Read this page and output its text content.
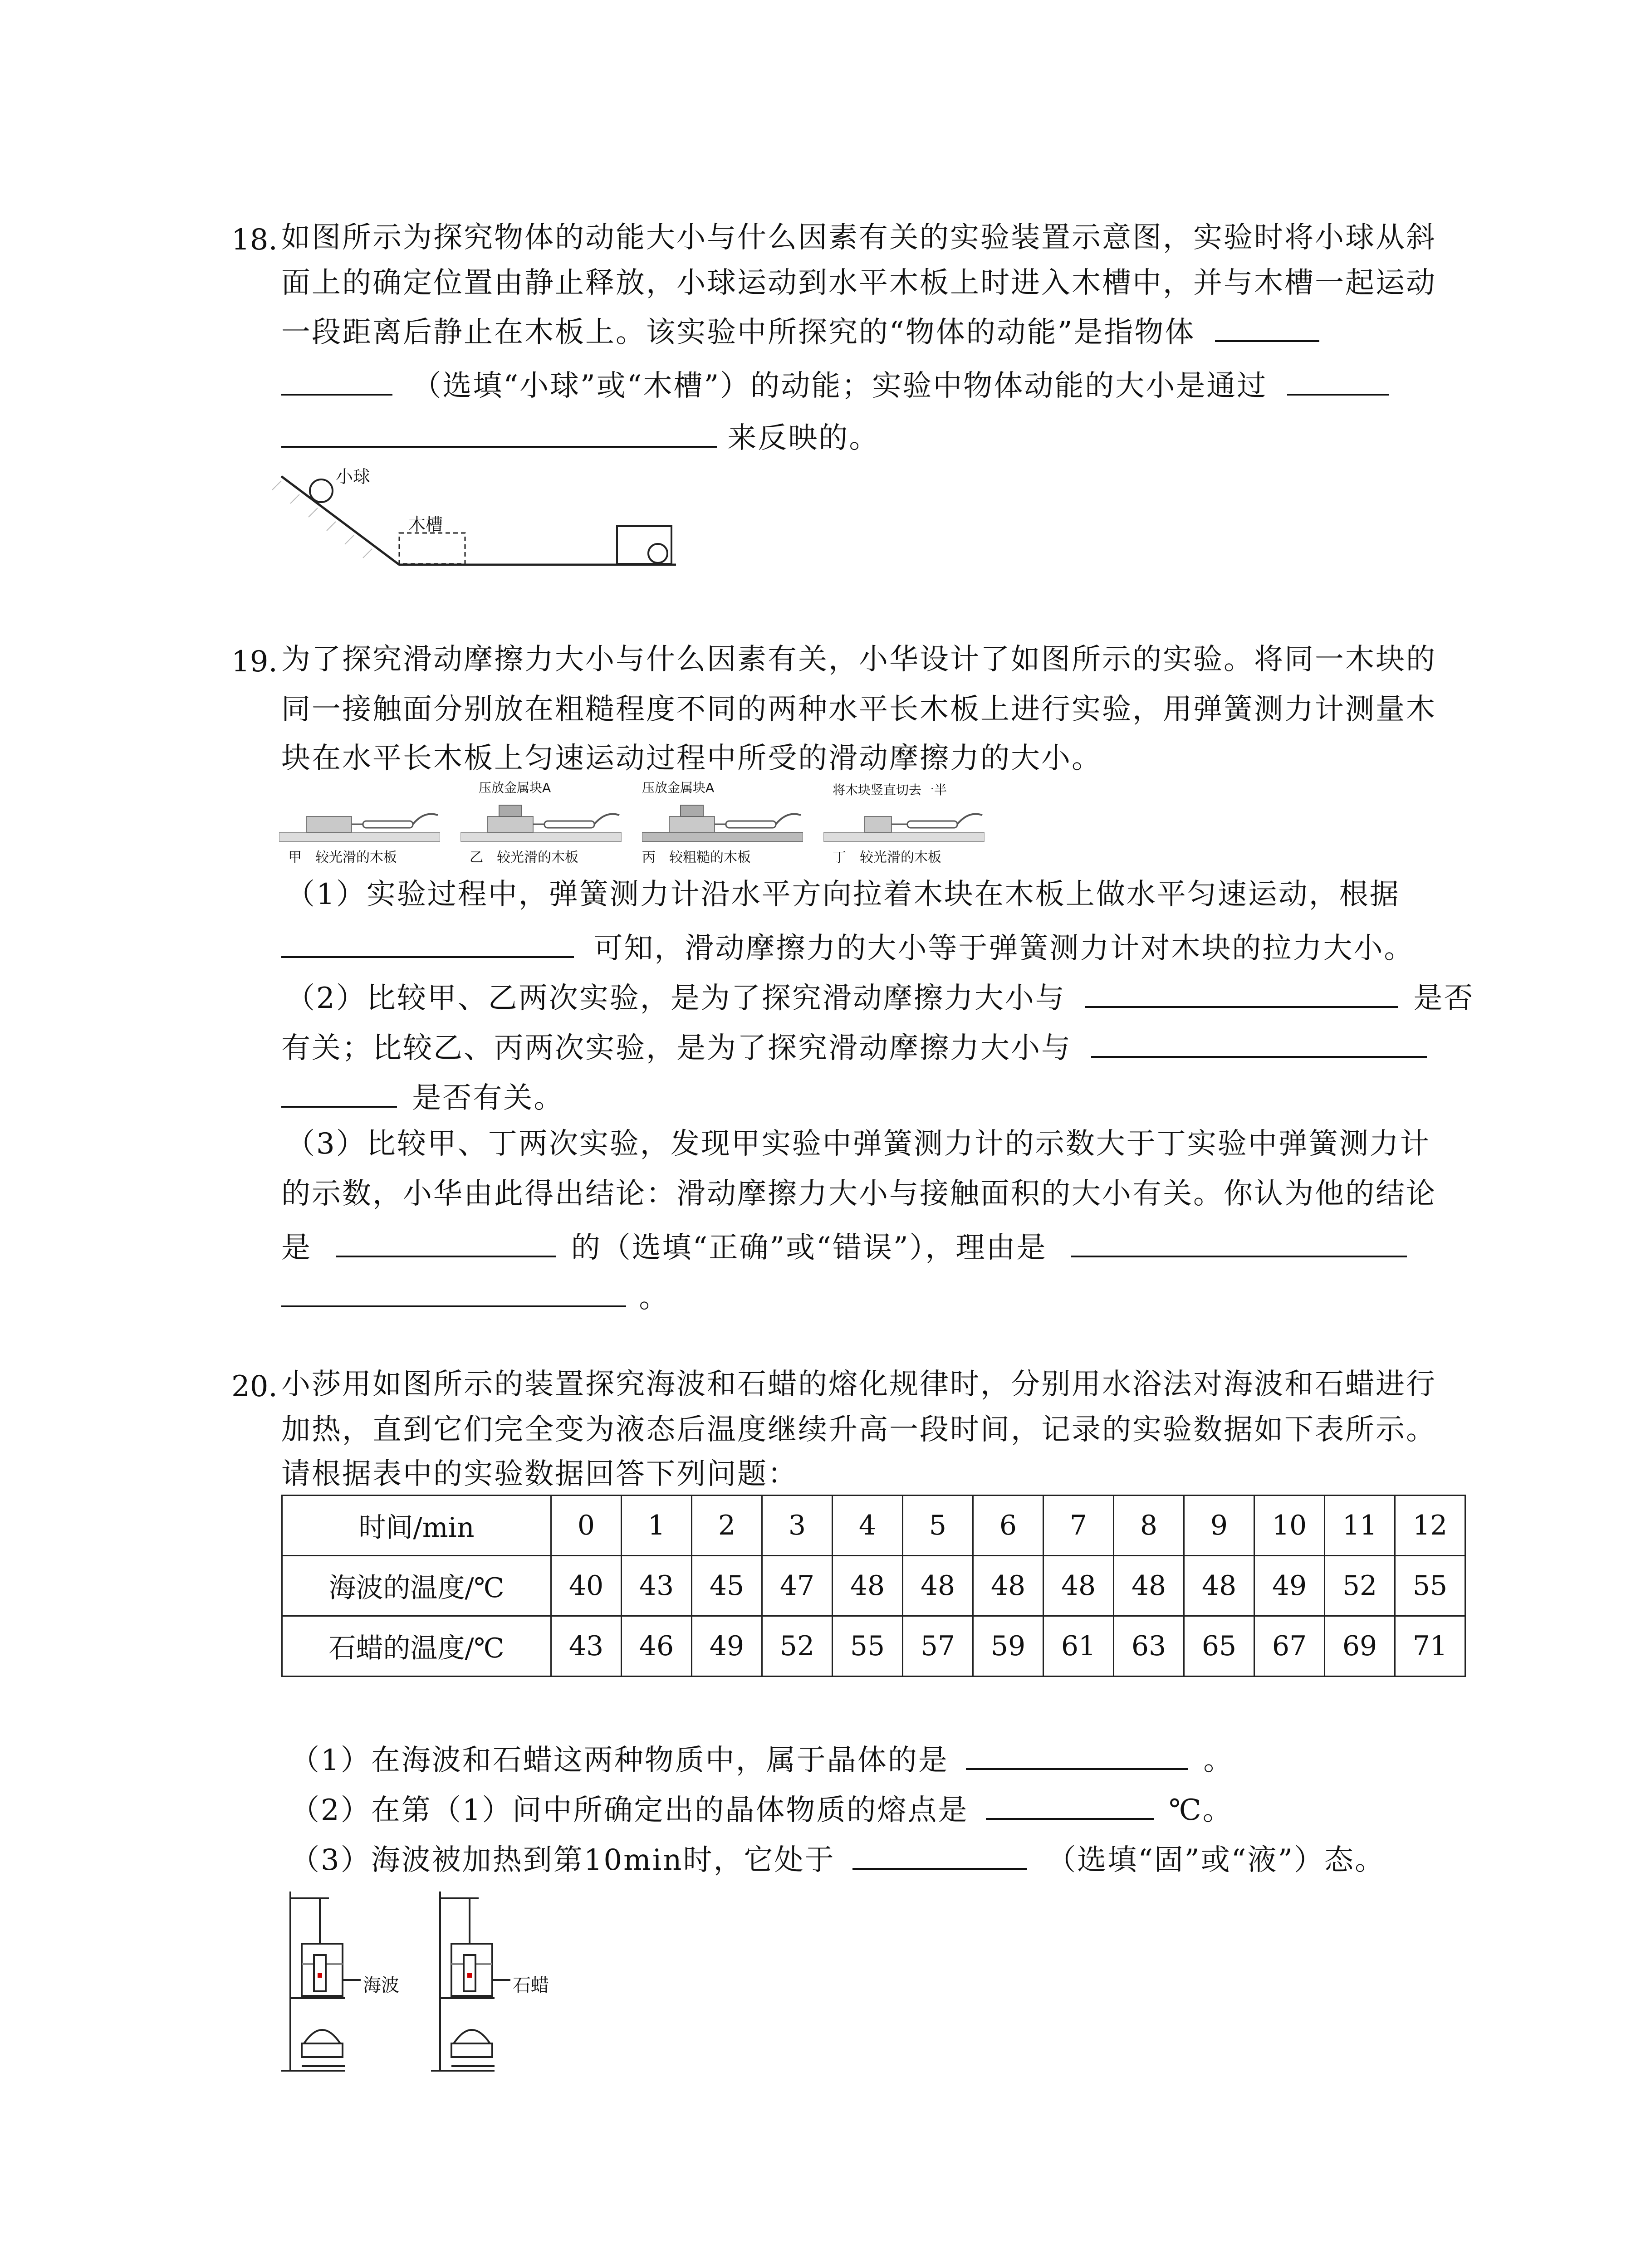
18. 如图所示为探究物体的动能大小与什么因素有关的实验装置示意图，实验时将小球从斜
面上的确定位置由静止释放，小球运动到水平木板上时进入木槽中，并与木槽一起运动
一段距离后静止在木板上。该实验中所探究的“物体的动能”是指物体
（选填“小球”或“木槽”）的动能；实验中物体动能的大小是通过
来反映的。
小球
木槽
19. 为了探究滑动摩擦力大小与什么因素有关，小华设计了如图所示的实验。将同一木块的
同一接触面分别放在粗糙程度不同的两种水平长木板上进行实验，用弹簧测力计测量木
块在水平长木板上匀速运动过程中所受的滑动摩擦力的大小。
甲　较光滑的木板
压放金属块A
乙　较光滑的木板
压放金属块A
丙　较粗糙的木板
将木块竖直切去一半
丁　较光滑的木板
（1）实验过程中，弹簧测力计沿水平方向拉着木块在木板上做水平匀速运动，根据
可知，滑动摩擦力的大小等于弹簧测力计对木块的拉力大小。
（2）比较甲、乙两次实验，是为了探究滑动摩擦力大小与	是否
有关；比较乙、丙两次实验，是为了探究滑动摩擦力大小与
是否有关。
（3）比较甲、丁两次实验，发现甲实验中弹簧测力计的示数大于丁实验中弹簧测力计
的示数，小华由此得出结论：滑动摩擦力大小与接触面积的大小有关。你认为他的结论
是	的（选填“正确”或“错误”），理由是
。
20. 小莎用如图所示的装置探究海波和石蜡的熔化规律时，分别用水浴法对海波和石蜡进行
加热，直到它们完全变为液态后温度继续升高一段时间，记录的实验数据如下表所示。
请根据表中的实验数据回答下列问题：
时间/min	0	1	2	3	4	5	6	7	8	9	10	11	12
海波的温度/℃	40	43	45	47	48	48	48	48	48	48	49	52	55
石蜡的温度/℃	43	46	49	52	55	57	59	61	63	65	67	69	71
（1）在海波和石蜡这两种物质中，属于晶体的是	。
（2）在第（1）问中所确定出的晶体物质的熔点是	℃。
（3）海波被加热到第10min时，它处于	（选填“固”或“液”）态。
海波	石蜡
